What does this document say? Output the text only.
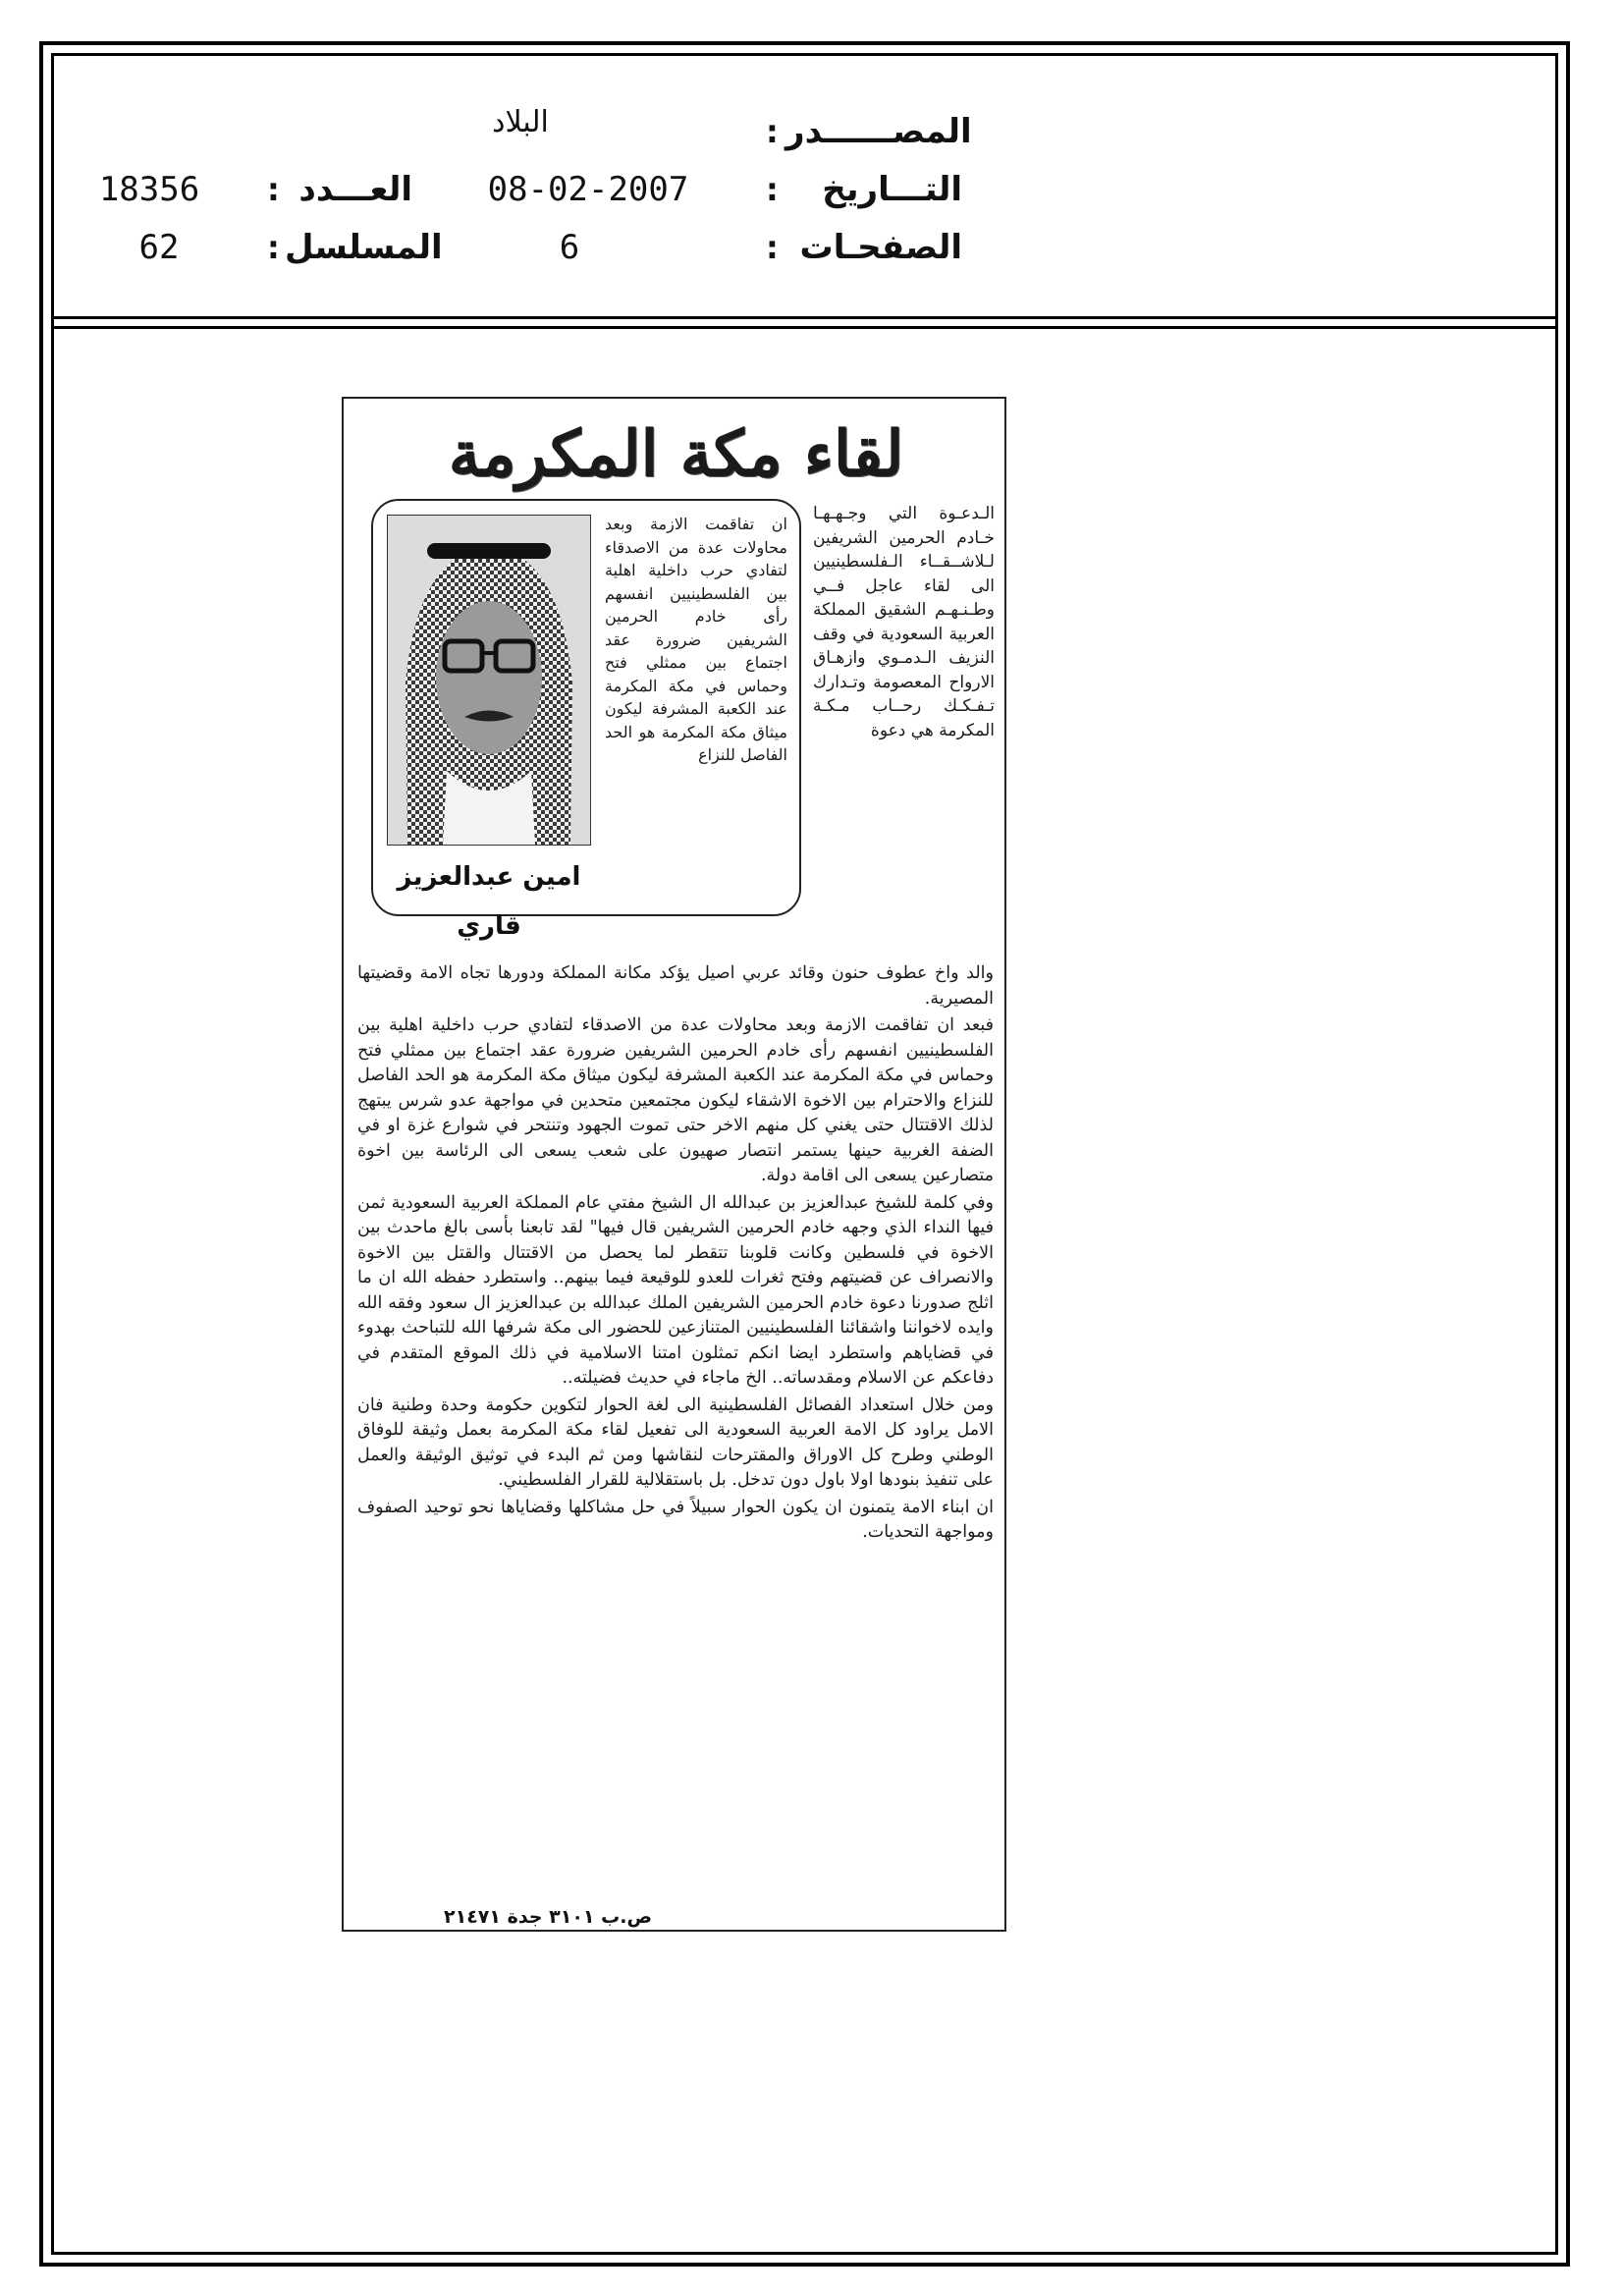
البلاد	المصــــــدر
:
التـــاريخ
:
08-02-2007
العـــدد
:
18356
الصفحـات
:
6
المسلسل
:
62
لقاء مكة المكرمة
الـدعـوة التي وجـهـهـا خـادم الحرمين الشريفين لـلاشــقــاء الـفلسطينيين الى لقاء عاجل فــي وطـنـهـم الشقيق المملكة العربية السعودية في وقف النزيف الـدمـوي وازهـاق الارواح المعصومة وتـدارك تـفـكـك رحــاب مـكـة المكرمة هي دعوة
ان تفاقمت الازمة وبعد محاولات عدة من الاصدقاء لتفادي حرب داخلية اهلية بين الفلسطينيين انفسهم رأى خادم الحرمين الشريفين ضرورة عقد اجتماع بين ممثلي فتح وحماس في مكة المكرمة عند الكعبة المشرفة ليكون ميثاق مكة المكرمة هو الحد الفاصل للنزاع
امين عبدالعزيز قاري

والد واخ عطوف حنون وقائد عربي اصيل يؤكد مكانة المملكة ودورها تجاه الامة وقضيتها المصيرية.

فبعد ان تفاقمت الازمة وبعد محاولات عدة من الاصدقاء لتفادي حرب داخلية اهلية بين الفلسطينيين انفسهم رأى خادم الحرمين الشريفين ضرورة عقد اجتماع بين ممثلي فتح وحماس في مكة المكرمة عند الكعبة المشرفة ليكون ميثاق مكة المكرمة هو الحد الفاصل للنزاع والاحترام بين الاخوة الاشقاء ليكون مجتمعين متحدين في مواجهة عدو شرس يبتهج لذلك الاقتتال حتى يغني كل منهم الاخر حتى تموت الجهود وتنتحر في شوارع غزة او في الضفة الغربية حينها يستمر انتصار صهيون على شعب يسعى الى الرئاسة بين اخوة متصارعين يسعى الى اقامة دولة.

وفي كلمة للشيخ عبدالعزيز بن عبدالله ال الشيخ مفتي عام المملكة العربية السعودية ثمن فيها النداء الذي وجهه خادم الحرمين الشريفين قال فيها" لقد تابعنا بأسى بالغ ماحدث بين الاخوة في فلسطين وكانت قلوبنا تتقطر لما يحصل من الاقتتال والقتل بين الاخوة والانصراف عن قضيتهم وفتح ثغرات للعدو للوقيعة فيما بينهم.. واستطرد حفظه الله ان ما اثلج صدورنا دعوة خادم الحرمين الشريفين الملك عبدالله بن عبدالعزيز ال سعود وفقه الله وايده لاخواننا واشقائنا الفلسطينيين المتنازعين للحضور الى مكة شرفها الله للتباحث بهدوء في قضاياهم واستطرد ايضا انكم تمثلون امتنا الاسلامية في ذلك الموقع المتقدم في دفاعكم عن الاسلام ومقدساته.. الخ ماجاء في حديث فضيلته..

ومن خلال استعداد الفصائل الفلسطينية الى لغة الحوار لتكوين حكومة وحدة وطنية فان الامل يراود كل الامة العربية السعودية الى تفعيل لقاء مكة المكرمة بعمل وثيقة للوفاق الوطني وطرح كل الاوراق والمقترحات لنقاشها ومن ثم البدء في توثيق الوثيقة والعمل على تنفيذ بنودها اولا باول دون تدخل. بل باستقلالية للقرار الفلسطيني.

ان ابناء الامة يتمنون ان يكون الحوار سبيلاً في حل مشاكلها وقضاياها نحو توحيد الصفوف ومواجهة التحديات.

ص.ب ٣١٠١ جدة ٢١٤٧١
